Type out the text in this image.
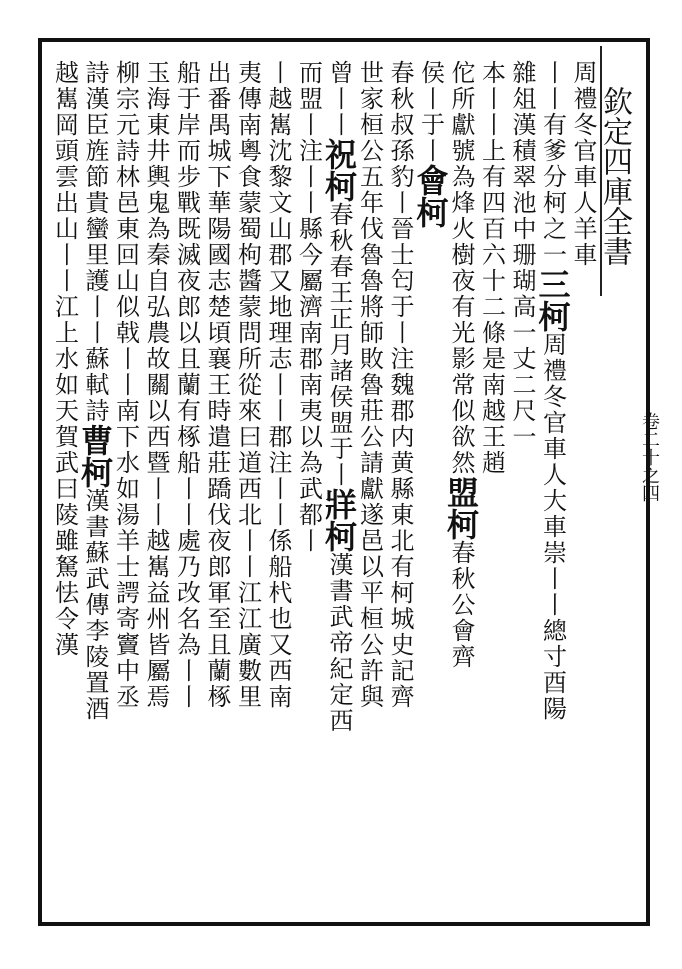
欽定四庫全書
卷二十之四
周禮冬官車人羊車
丨丨有爹分柯之一三柯周禮冬官車人大車崇丨丨總寸酉陽
雜俎漢積翠池中珊瑚高一丈二尺一
本丨丨上有四百六十二條是南越王趙
佗所獻號為烽火樹夜有光影常似欲然盟柯春秋公會齊
侯丨于丨會柯
春秋叔孫豹丨晉士匄于丨注魏郡内黄縣東北有柯城史記齊
世家桓公五年伐魯魯將師敗魯莊公請獻遂邑以平桓公許與
曾丨丨祝柯春秋春王正月諸侯盟于丨牂柯漢書武帝紀定西
而盟丨注丨丨縣今屬濟南郡南夷以為武都丨
丨越嶲沈黎文山郡又地理志丨丨郡注丨丨係船杙也又西南
夷傳南粵食蒙蜀枸醬蒙問所從來曰道西北丨丨江江廣數里
出番禺城下華陽國志楚頃襄王時遣莊蹻伐夜郎軍至且蘭椓
船于岸而步戰既滅夜郎以且蘭有椓船丨丨處乃改名為丨丨
玉海東井輿鬼為秦自弘農故關以西暨丨丨越嶲益州皆屬焉
柳宗元詩林邑東回山似戟丨丨南下水如湯羊士諤寄竇中丞
詩漢臣旌節貴蠻里護丨丨蘇軾詩曹柯漢書蘇武傳李陵置酒
越嶲岡頭雲出山丨丨江上水如天賀武曰陵雖駑怯令漢
